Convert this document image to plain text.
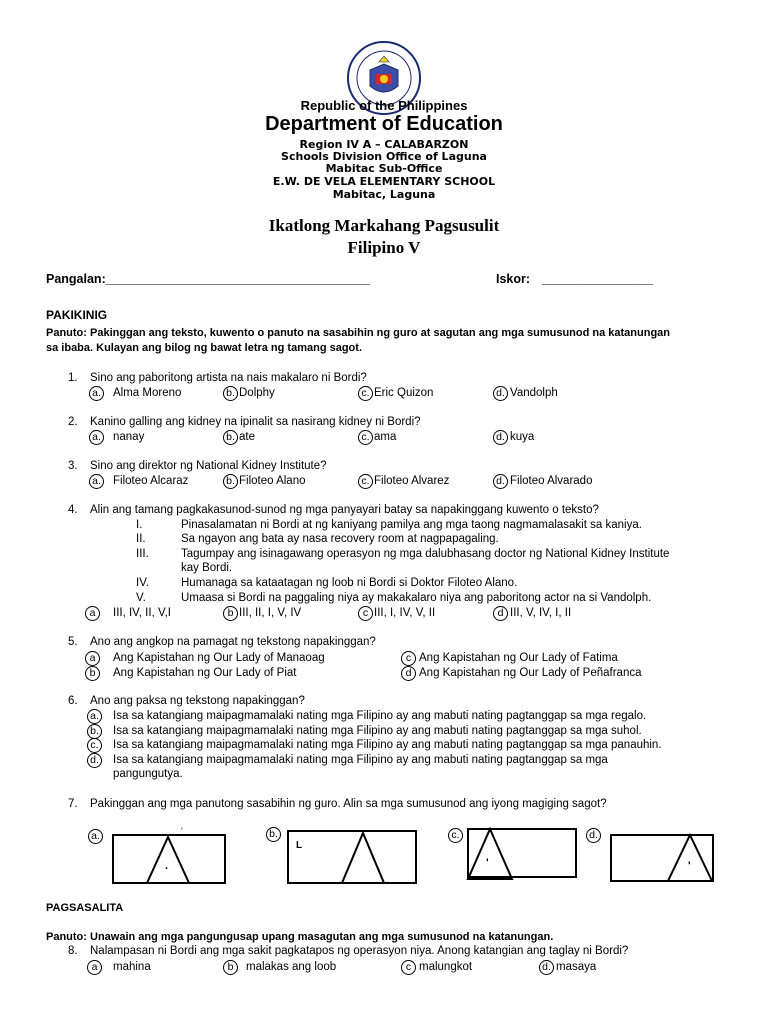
Republic of the Philippines
Department of Education
Region IV A – CALABARZON
Schools Division Office of Laguna
Mabitac Sub-Office
E.W. DE VELA ELEMENTARY SCHOOL
Mabitac, Laguna
Ikatlong Markahang Pagsusulit
Filipino V
Pangalan:______________________________________	Iskor: ________________
PAKIKINIG
Panuto: Pakinggan ang teksto, kuwento o panuto na sasabihin ng guro at sagutan ang mga sumusunod na katanungan
sa ibaba. Kulayan ang bilog ng bawat letra ng tamang sagot.
1. Sino ang paboritong artista na nais makalaro ni Bordi?
a. Alma Moreno	b. Dolphy	c. Eric Quizon	d. Vandolph
2. Kanino galling ang kidney na ipinalit sa nasirang kidney ni Bordi?
a. nanay	b. ate	c. ama	d. kuya
3. Sino ang direktor ng National Kidney Institute?
a. Filoteo Alcaraz	b. Filoteo Alano	c. Filoteo Alvarez	d. Filoteo Alvarado
4. Alin ang tamang pagkakasunod-sunod ng mga panyayari batay sa napakinggang kuwento o teksto?
I.	Pinasalamatan ni Bordi at ng kaniyang pamilya ang mga taong nagmamalasakit sa kaniya.
II.	Sa ngayon ang bata ay nasa recovery room at nagpapagaling.
III.	Tagumpay ang isinagawang operasyon ng mga dalubhasang doctor ng National Kidney Institute
kay Bordi.
IV.	Humanaga sa kataatagan ng loob ni Bordi si Doktor Filoteo Alano.
V.	Umaasa si Bordi na paggaling niya ay makakalaro niya ang paboritong actor na si Vandolph.
a	III, IV, II, V,I	b III, II, I, V, IV	c III, I, IV, V, II	d III, V, IV, I, II
5. Ano ang angkop na pamagat ng tekstong napakinggan?
a	Ang Kapistahan ng Our Lady of Manaoag
b	Ang Kapistahan ng Our Lady of Piat
c Ang Kapistahan ng Our Lady of Fatima
d Ang Kapistahan ng Our Lady of Peñafranca
6. Ano ang paksa ng tekstong napakinggan?
a. Isa sa katangiang maipagmamalaki nating mga Filipino ay ang mabuti nating pagtanggap sa mga regalo.
b. Isa sa katangiang maipagmamalaki nating mga Filipino ay ang mabuti nating pagtanggap sa mga suhol.
c. Isa sa katangiang maipagmamalaki nating mga Filipino ay ang mabuti nating pagtanggap sa mga panauhin.
d. Isa sa katangiang maipagmamalaki nating mga Filipino ay ang mabuti nating pagtanggap sa mga
pangungutya.
7. Pakinggan ang mga panutong sasabihin ng guro. Alin sa mga sumusunod ang iyong magiging sagot?
a.	'
.
b.
L
c.
'
d.
'
PAGSASALITA
Panuto: Unawain ang mga pangungusap upang masagutan ang mga sumusunod na katanungan.
8. Nalampasan ni Bordi ang mga sakit pagkatapos ng operasyon niya. Anong katangian ang taglay ni Bordi?
a	mahina	b	malakas ang loob	c malungkot	d. masaya
